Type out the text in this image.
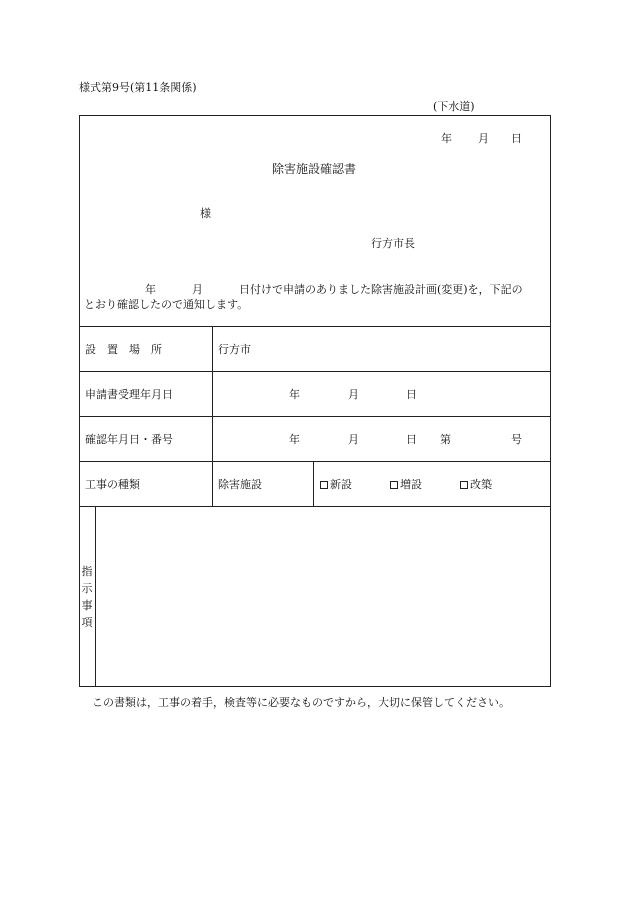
様式第9号(第11条関係)
(下水道)
年 月 日
除害施設確認書
様
行方市長
年	月	日付けで申請のありました除害施設計画(変更)を，下記の
とおり確認したので通知します。
設　置　場　所	行方市
申請書受理年月日	年	月	日
確認年月日・番号	年	月	日 第	号
工事の種類	除害施設	新設	増設	改築
指
示
事
項
この書類は，工事の着手，検査等に必要なものですから，大切に保管してください。
